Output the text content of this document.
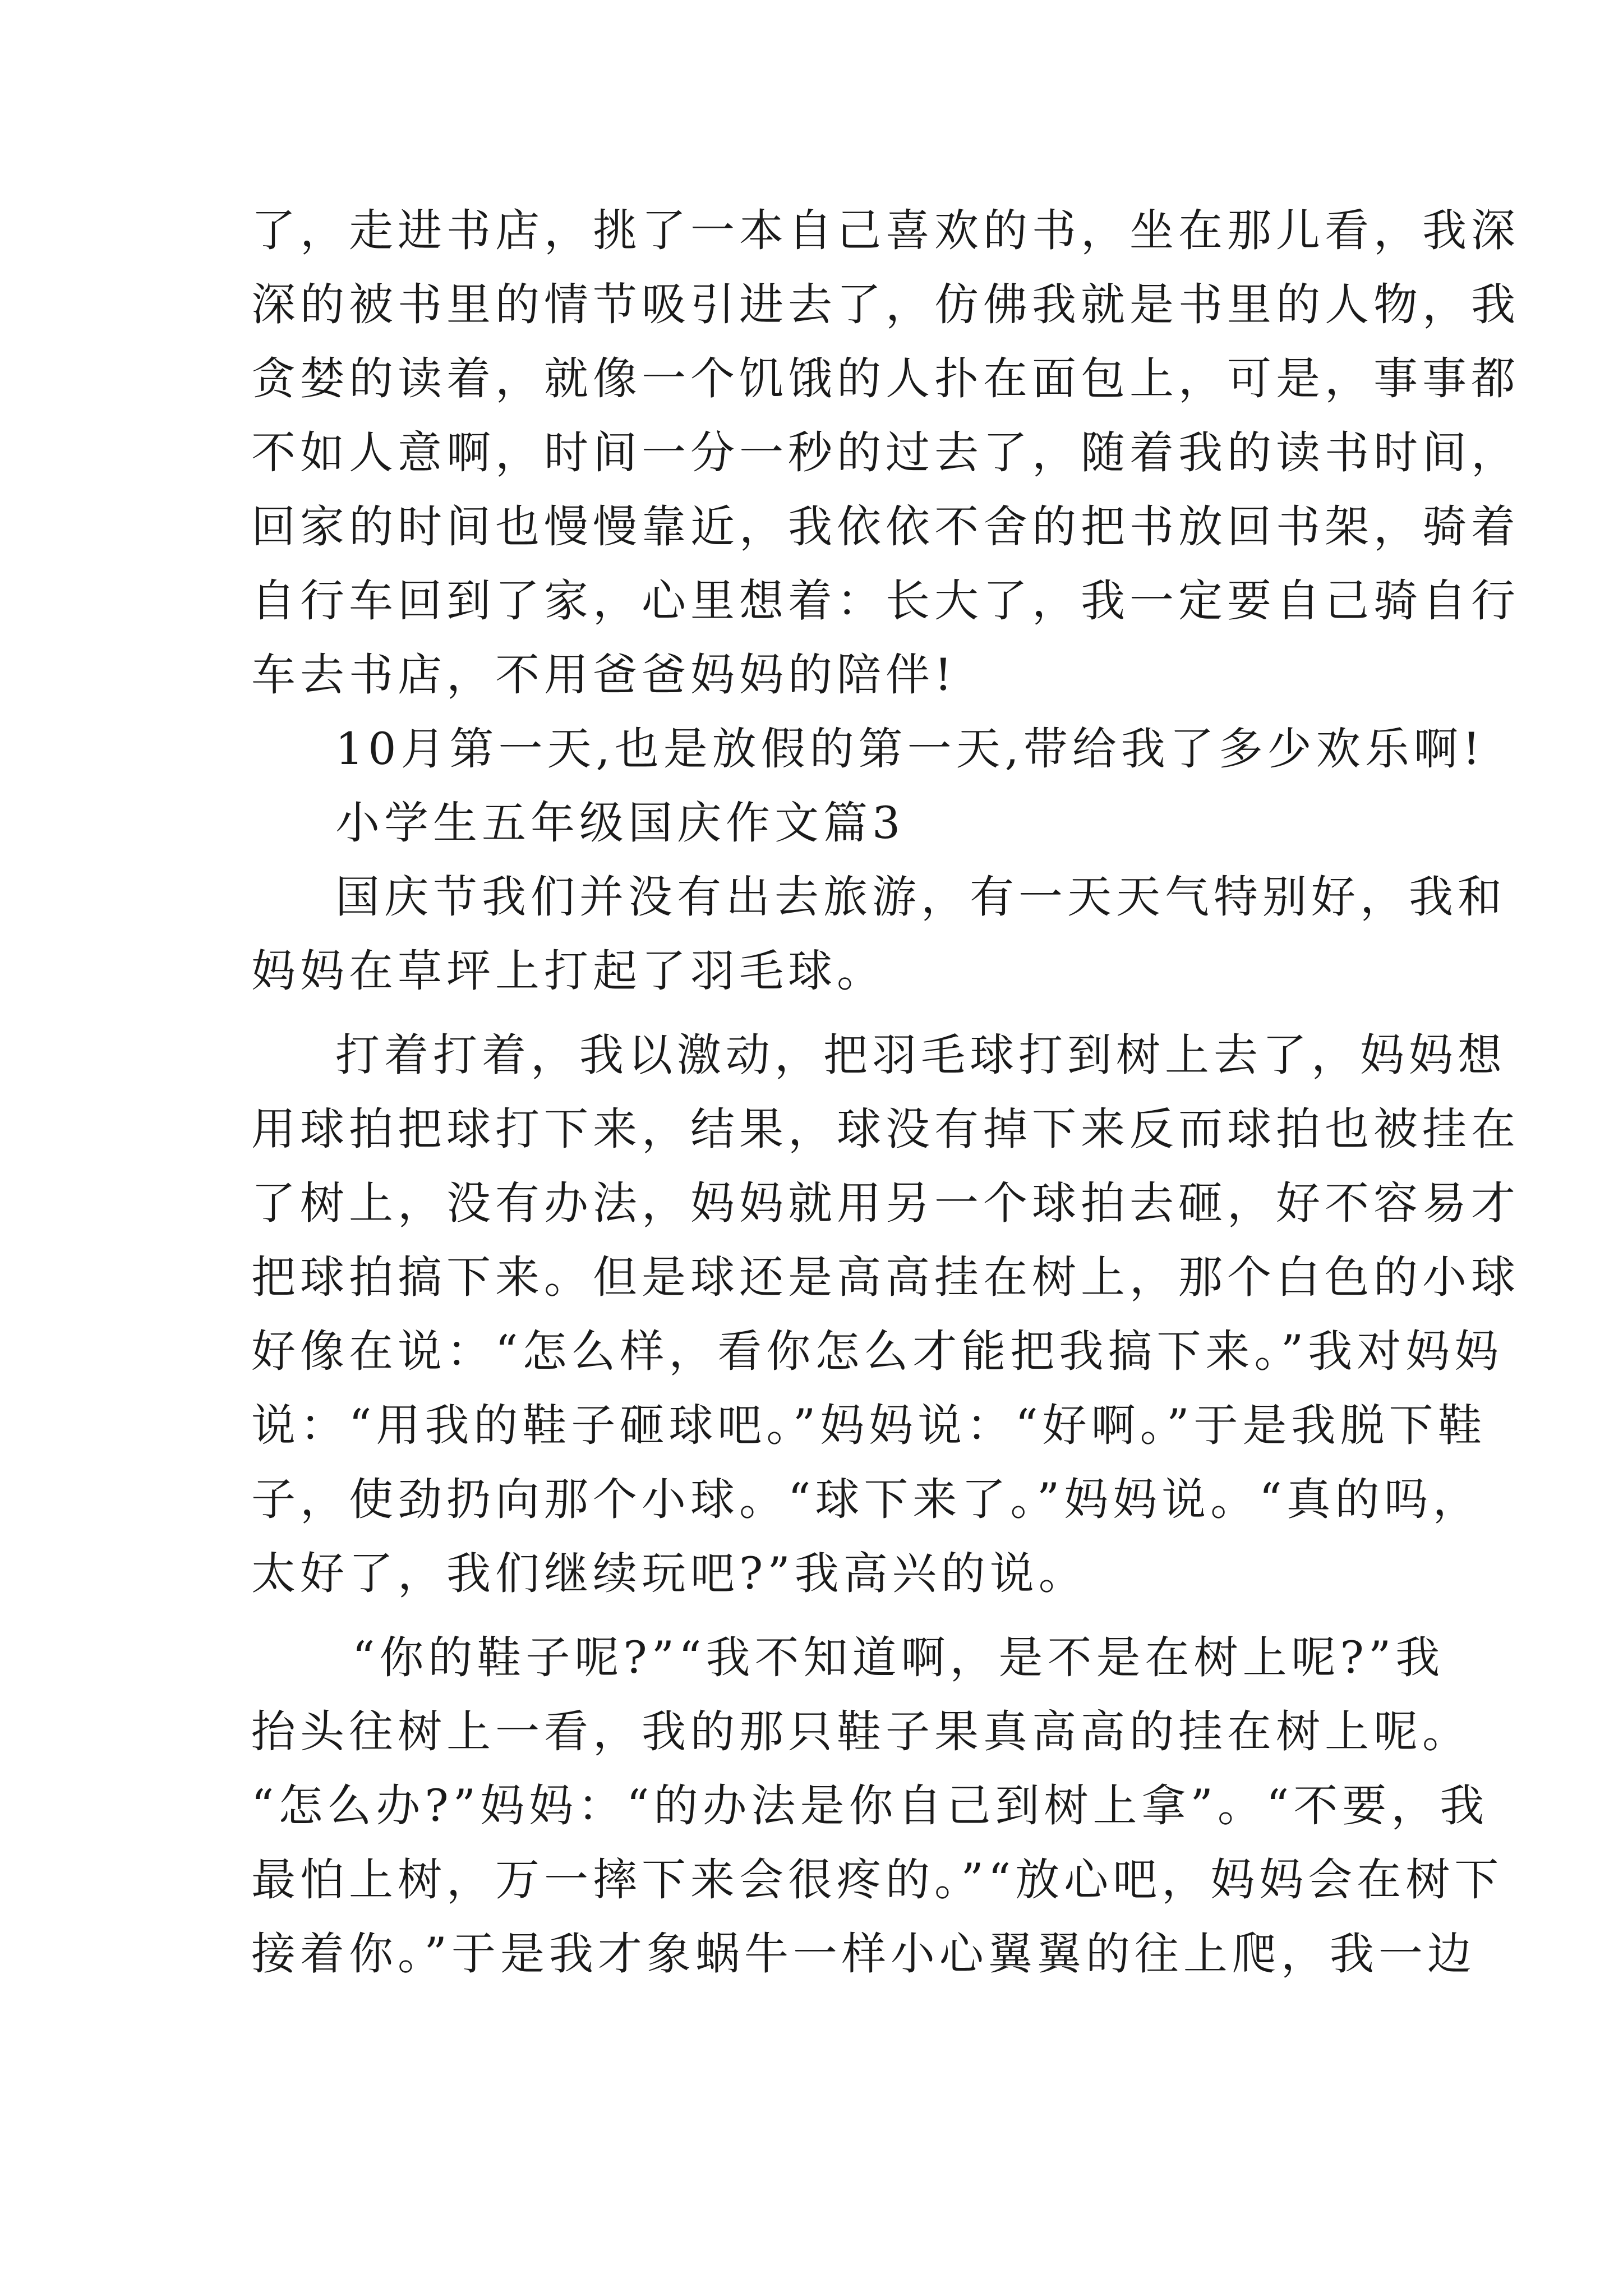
了，走进书店，挑了一本自己喜欢的书，坐在那儿看，我深
深的被书里的情节吸引进去了，仿佛我就是书里的人物，我
贪婪的读着，就像一个饥饿的人扑在面包上，可是，事事都
不如人意啊，时间一分一秒的过去了，随着我的读书时间，
回家的时间也慢慢靠近，我依依不舍的把书放回书架，骑着
自行车回到了家，心里想着：长大了，我一定要自己骑自行
车去书店，不用爸爸妈妈的陪伴!
10月第一天,也是放假的第一天,带给我了多少欢乐啊!
小学生五年级国庆作文篇3
国庆节我们并没有出去旅游，有一天天气特别好，我和
妈妈在草坪上打起了羽毛球。
打着打着，我以激动，把羽毛球打到树上去了，妈妈想
用球拍把球打下来，结果，球没有掉下来反而球拍也被挂在
了树上，没有办法，妈妈就用另一个球拍去砸，好不容易才
把球拍搞下来。但是球还是高高挂在树上，那个白色的小球
好像在说：“怎么样，看你怎么才能把我搞下来。”我对妈妈
说：“用我的鞋子砸球吧。”妈妈说：“好啊。”于是我脱下鞋
子，使劲扔向那个小球。“球下来了。”妈妈说。“真的吗，
太好了，我们继续玩吧?”我高兴的说。
“你的鞋子呢?”“我不知道啊，是不是在树上呢?”我
抬头往树上一看，我的那只鞋子果真高高的挂在树上呢。
“怎么办?”妈妈：“的办法是你自己到树上拿”。“不要，我
最怕上树，万一摔下来会很疼的。”“放心吧，妈妈会在树下
接着你。”于是我才象蜗牛一样小心翼翼的往上爬，我一边
